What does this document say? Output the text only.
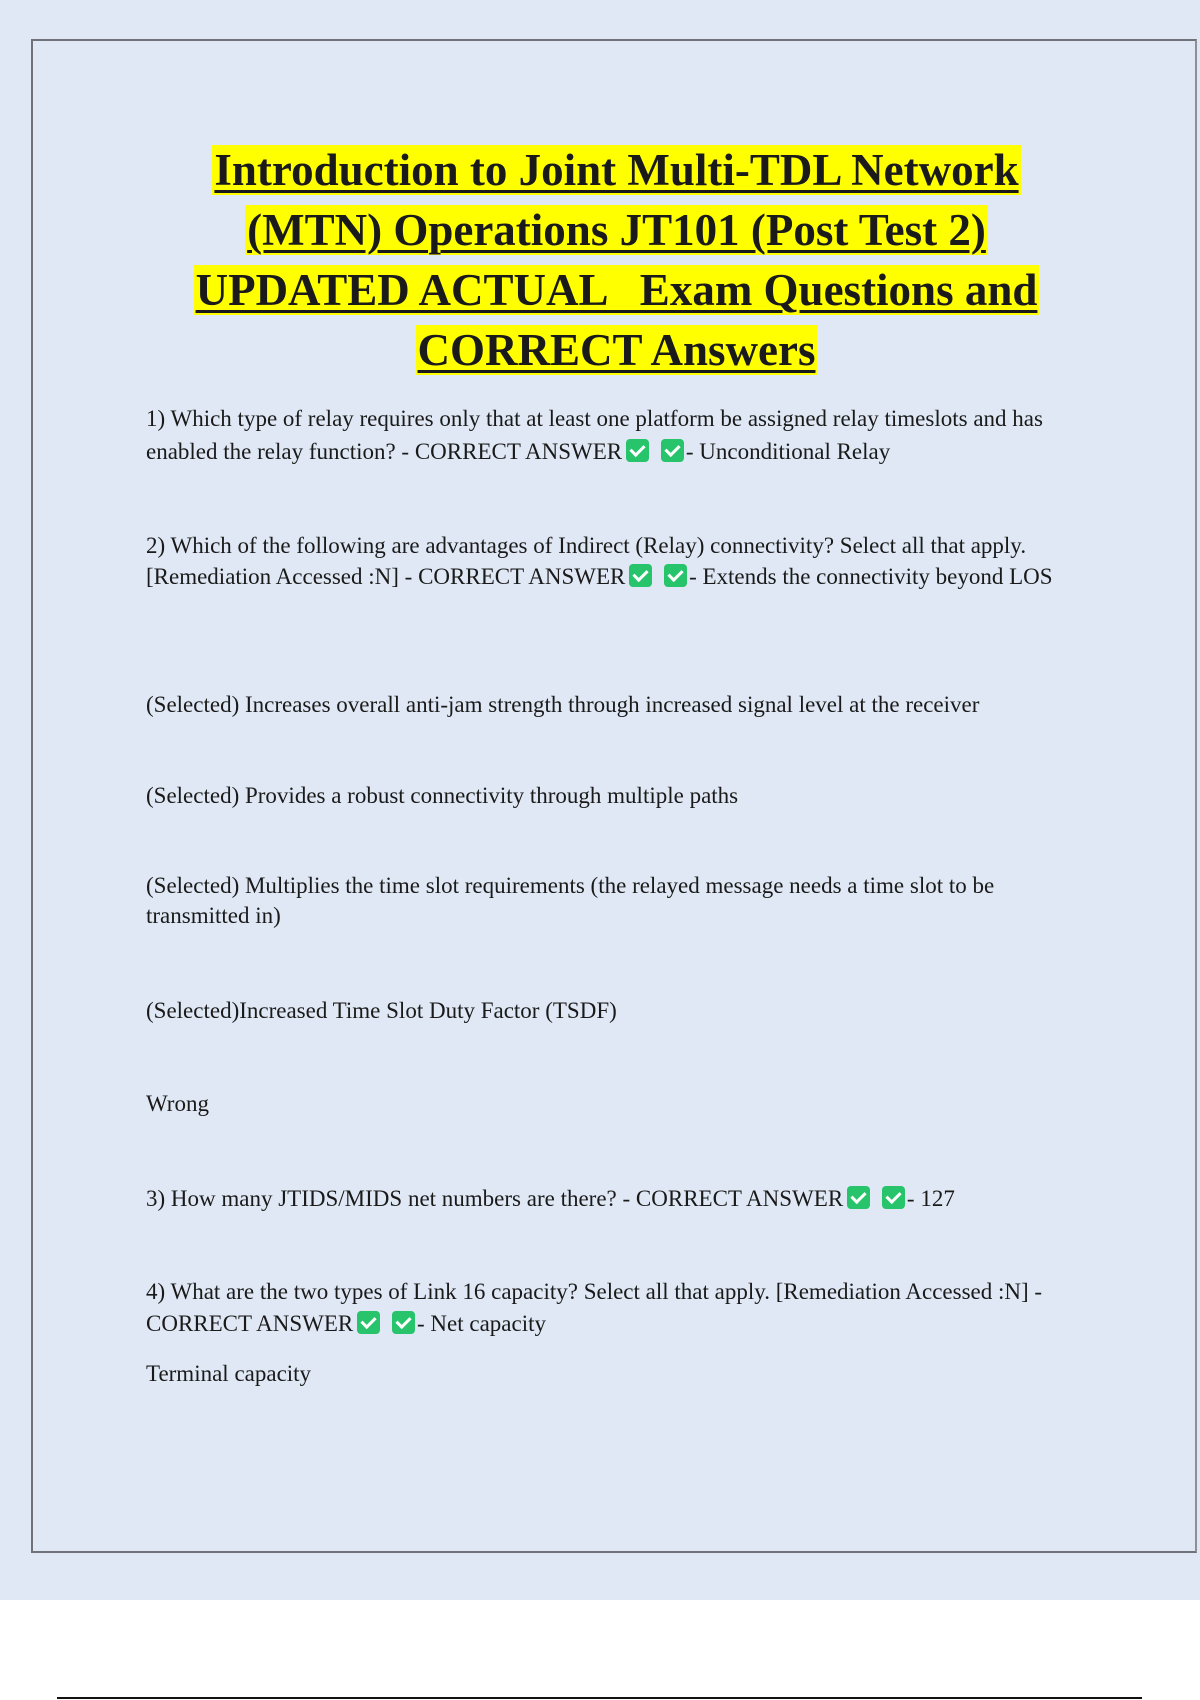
Introduction to Joint Multi-TDL Network
(MTN) Operations JT101 (Post Test 2)
UPDATED ACTUAL   Exam Questions and
CORRECT Answers

1) Which type of relay requires only that at least one platform be assigned relay timeslots and has enabled the relay function? - CORRECT ANSWER	- Unconditional Relay

2) Which of the following are advantages of Indirect (Relay) connectivity? Select all that apply. [Remediation Accessed :N] - CORRECT ANSWER	- Extends the connectivity beyond LOS

(Selected) Increases overall anti-jam strength through increased signal level at the receiver

(Selected) Provides a robust connectivity through multiple paths

(Selected) Multiplies the time slot requirements (the relayed message needs a time slot to be transmitted in)

(Selected)Increased Time Slot Duty Factor (TSDF)

Wrong

3) How many JTIDS/MIDS net numbers are there? - CORRECT ANSWER	- 127

4) What are the two types of Link 16 capacity? Select all that apply. [Remediation Accessed :N] - CORRECT ANSWER	- Net capacity

Terminal capacity
